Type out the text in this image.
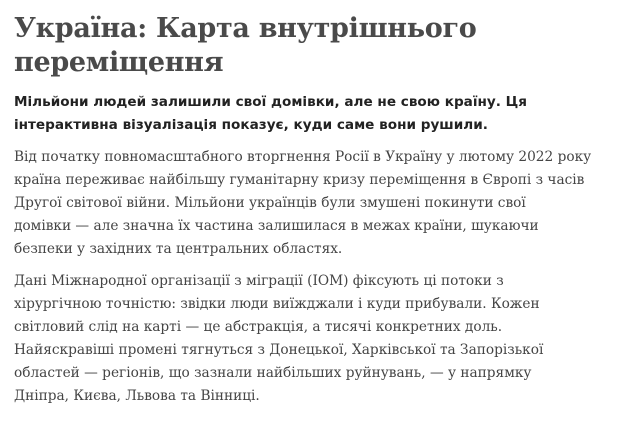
Україна: Карта внутрішнього
переміщення

Мільйони людей залишили свої домівки, але не свою країну. Ця
інтерактивна візуалізація показує, куди саме вони рушили.

Від початку повномасштабного вторгнення Росії в Україну у лютому 2022 року
країна переживає найбільшу гуманітарну кризу переміщення в Європі з часів
Другої світової війни. Мільйони українців були змушені покинути свої
домівки — але значна їх частина залишилася в межах країни, шукаючи
безпеки у західних та центральних областях.

Дані Міжнародної організації з міграції (IOM) фіксують ці потоки з
хірургічною точністю: звідки люди виїжджали і куди прибували. Кожен
світловий слід на карті — це абстракція, а тисячі конкретних доль.
Найяскравіші промені тягнуться з Донецької, Харківської та Запорізької
областей — регіонів, що зазнали найбільших руйнувань, — у напрямку
Дніпра, Києва, Львова та Вінниці.
